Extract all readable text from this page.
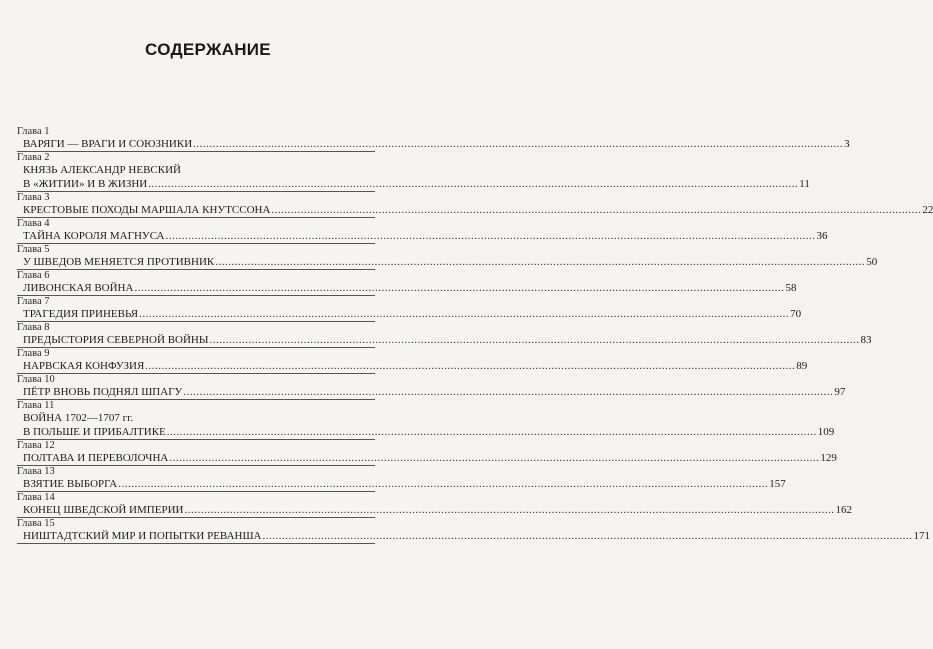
СОДЕРЖАНИЕ
Глава 1
ВАРЯГИ — ВРАГИ И СОЮЗНИКИ ........................................................................................................................................................................................................ 3
Глава 2
КНЯЗЬ АЛЕКСАНДР НЕВСКИЙ
В «ЖИТИИ» И В ЖИЗНИ ........................................................................................................................................................................................................ 11
Глава 3
КРЕСТОВЫЕ ПОХОДЫ МАРШАЛА КНУТССОНА ........................................................................................................................................................................................................ 22
Глава 4
ТАЙНА КОРОЛЯ МАГНУСА ........................................................................................................................................................................................................ 36
Глава 5
У ШВЕДОВ МЕНЯЕТСЯ ПРОТИВНИК ........................................................................................................................................................................................................ 50
Глава 6
ЛИВОНСКАЯ ВОЙНА ........................................................................................................................................................................................................ 58
Глава 7
ТРАГЕДИЯ ПРИНЕВЬЯ ........................................................................................................................................................................................................ 70
Глава 8
ПРЕДЫСТОРИЯ СЕВЕРНОЙ ВОЙНЫ ........................................................................................................................................................................................................ 83
Глава 9
НАРВСКАЯ КОНФУЗИЯ ........................................................................................................................................................................................................ 89
Глава 10
ПЁТР ВНОВЬ ПОДНЯЛ ШПАГУ ........................................................................................................................................................................................................ 97
Глава 11
ВОЙНА 1702—1707 гг.
В ПОЛЬШЕ И ПРИБАЛТИКЕ ........................................................................................................................................................................................................ 109
Глава 12
ПОЛТАВА И ПЕРЕВОЛОЧНА ........................................................................................................................................................................................................ 129
Глава 13
ВЗЯТИЕ ВЫБОРГА ........................................................................................................................................................................................................ 157
Глава 14
КОНЕЦ ШВЕДСКОЙ ИМПЕРИИ ........................................................................................................................................................................................................ 162
Глава 15
НИШТАДТСКИЙ МИР И ПОПЫТКИ РЕВАНША ........................................................................................................................................................................................................ 171
